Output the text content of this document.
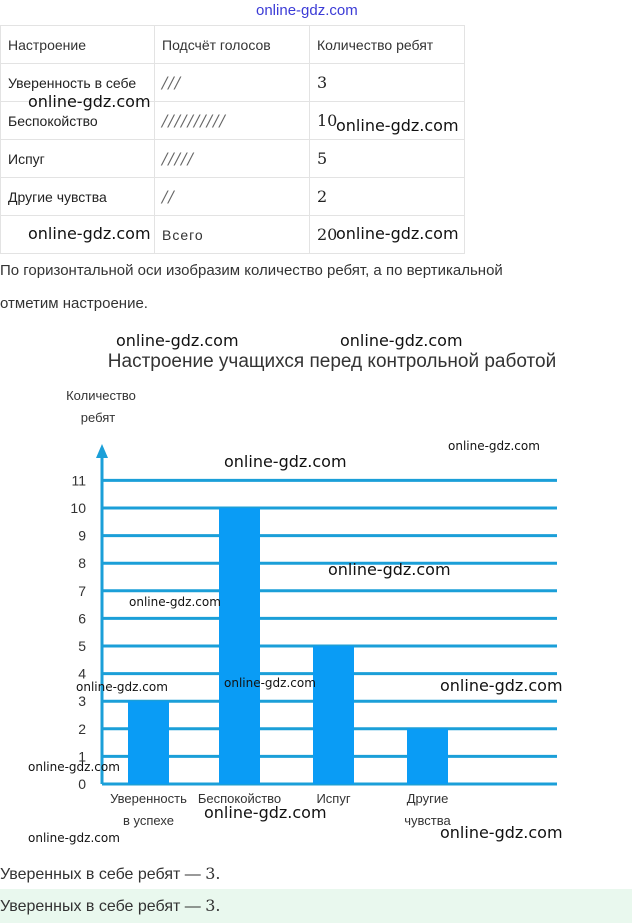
online-gdz.com
Настроение	Подсчёт голосов	Количество ребят
Уверенность в себе	///	3
Беспокойство	//////////	10
Испуг	/////	5
Другие чувства	//	2
	Всего	20
По горизонтальной оси изобразим количество ребят, а по вертикальной
отметим настроение.
Настроение учащихся перед контрольной работой
Количество
ребят
0
1
2
3
4
5
6
7
8
9
10
11
Уверенность
в успехе
Беспокойство	Испуг	Другие
чувства
Уверенных в себе ребят — 3.
Уверенных в себе ребят — 3.
online-gdz.com
online-gdz.com
online-gdz.com	online-gdz.com
online-gdz.com	online-gdz.com
online-gdz.com
online-gdz.com
online-gdz.com
online-gdz.com
online-gdz.com
online-gdz.com	online-gdz.com
online-gdz.com
online-gdz.com
online-gdz.com	online-gdz.com
